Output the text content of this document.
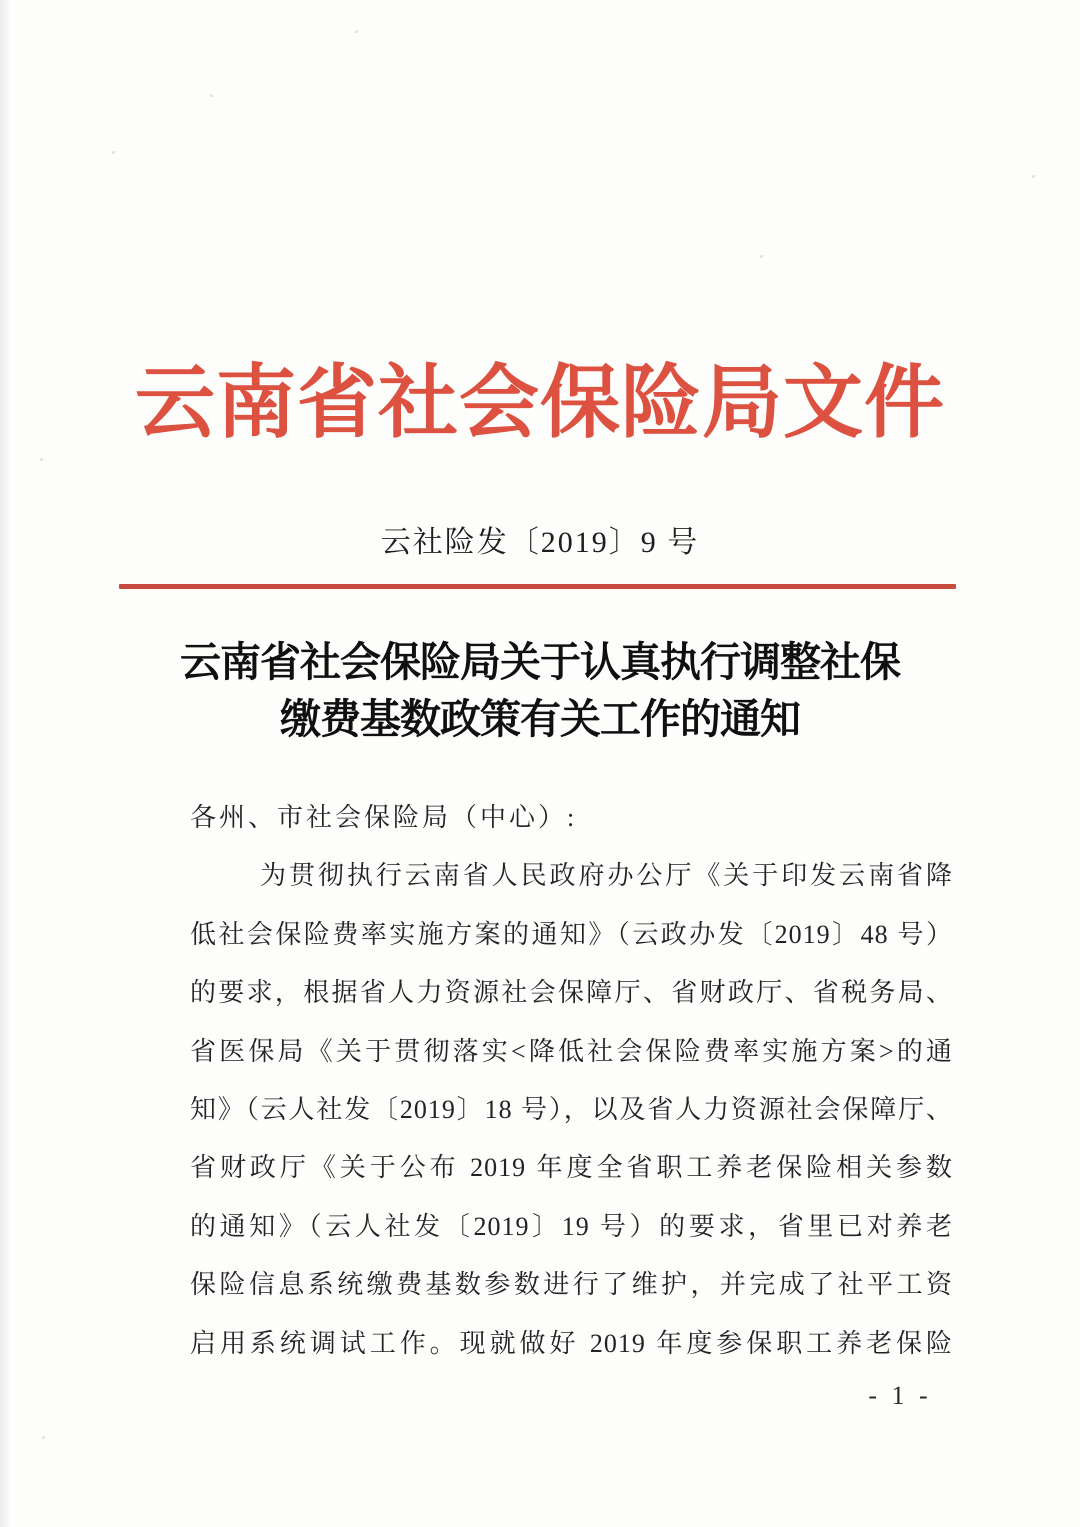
云南省社会保险局文件
云社险发〔2019〕9 号
云南省社会保险局关于认真执行调整社保
缴费基数政策有关工作的通知
各州、市社会保险局（中心）:
为贯彻执行云南省人民政府办公厅《关于印发云南省降
低社会保险费率实施方案的通知》（云政办发〔2019〕48 号）
的要求，根据省人力资源社会保障厅、省财政厅、省税务局、
省医保局《关于贯彻落实<降低社会保险费率实施方案>的通
知》（云人社发〔2019〕18 号），以及省人力资源社会保障厅、
省财政厅《关于公布 2019 年度全省职工养老保险相关参数
的通知》（云人社发〔2019〕19 号）的要求，省里已对养老
保险信息系统缴费基数参数进行了维护，并完成了社平工资
启用系统调试工作。现就做好 2019 年度参保职工养老保险
- 1 -
